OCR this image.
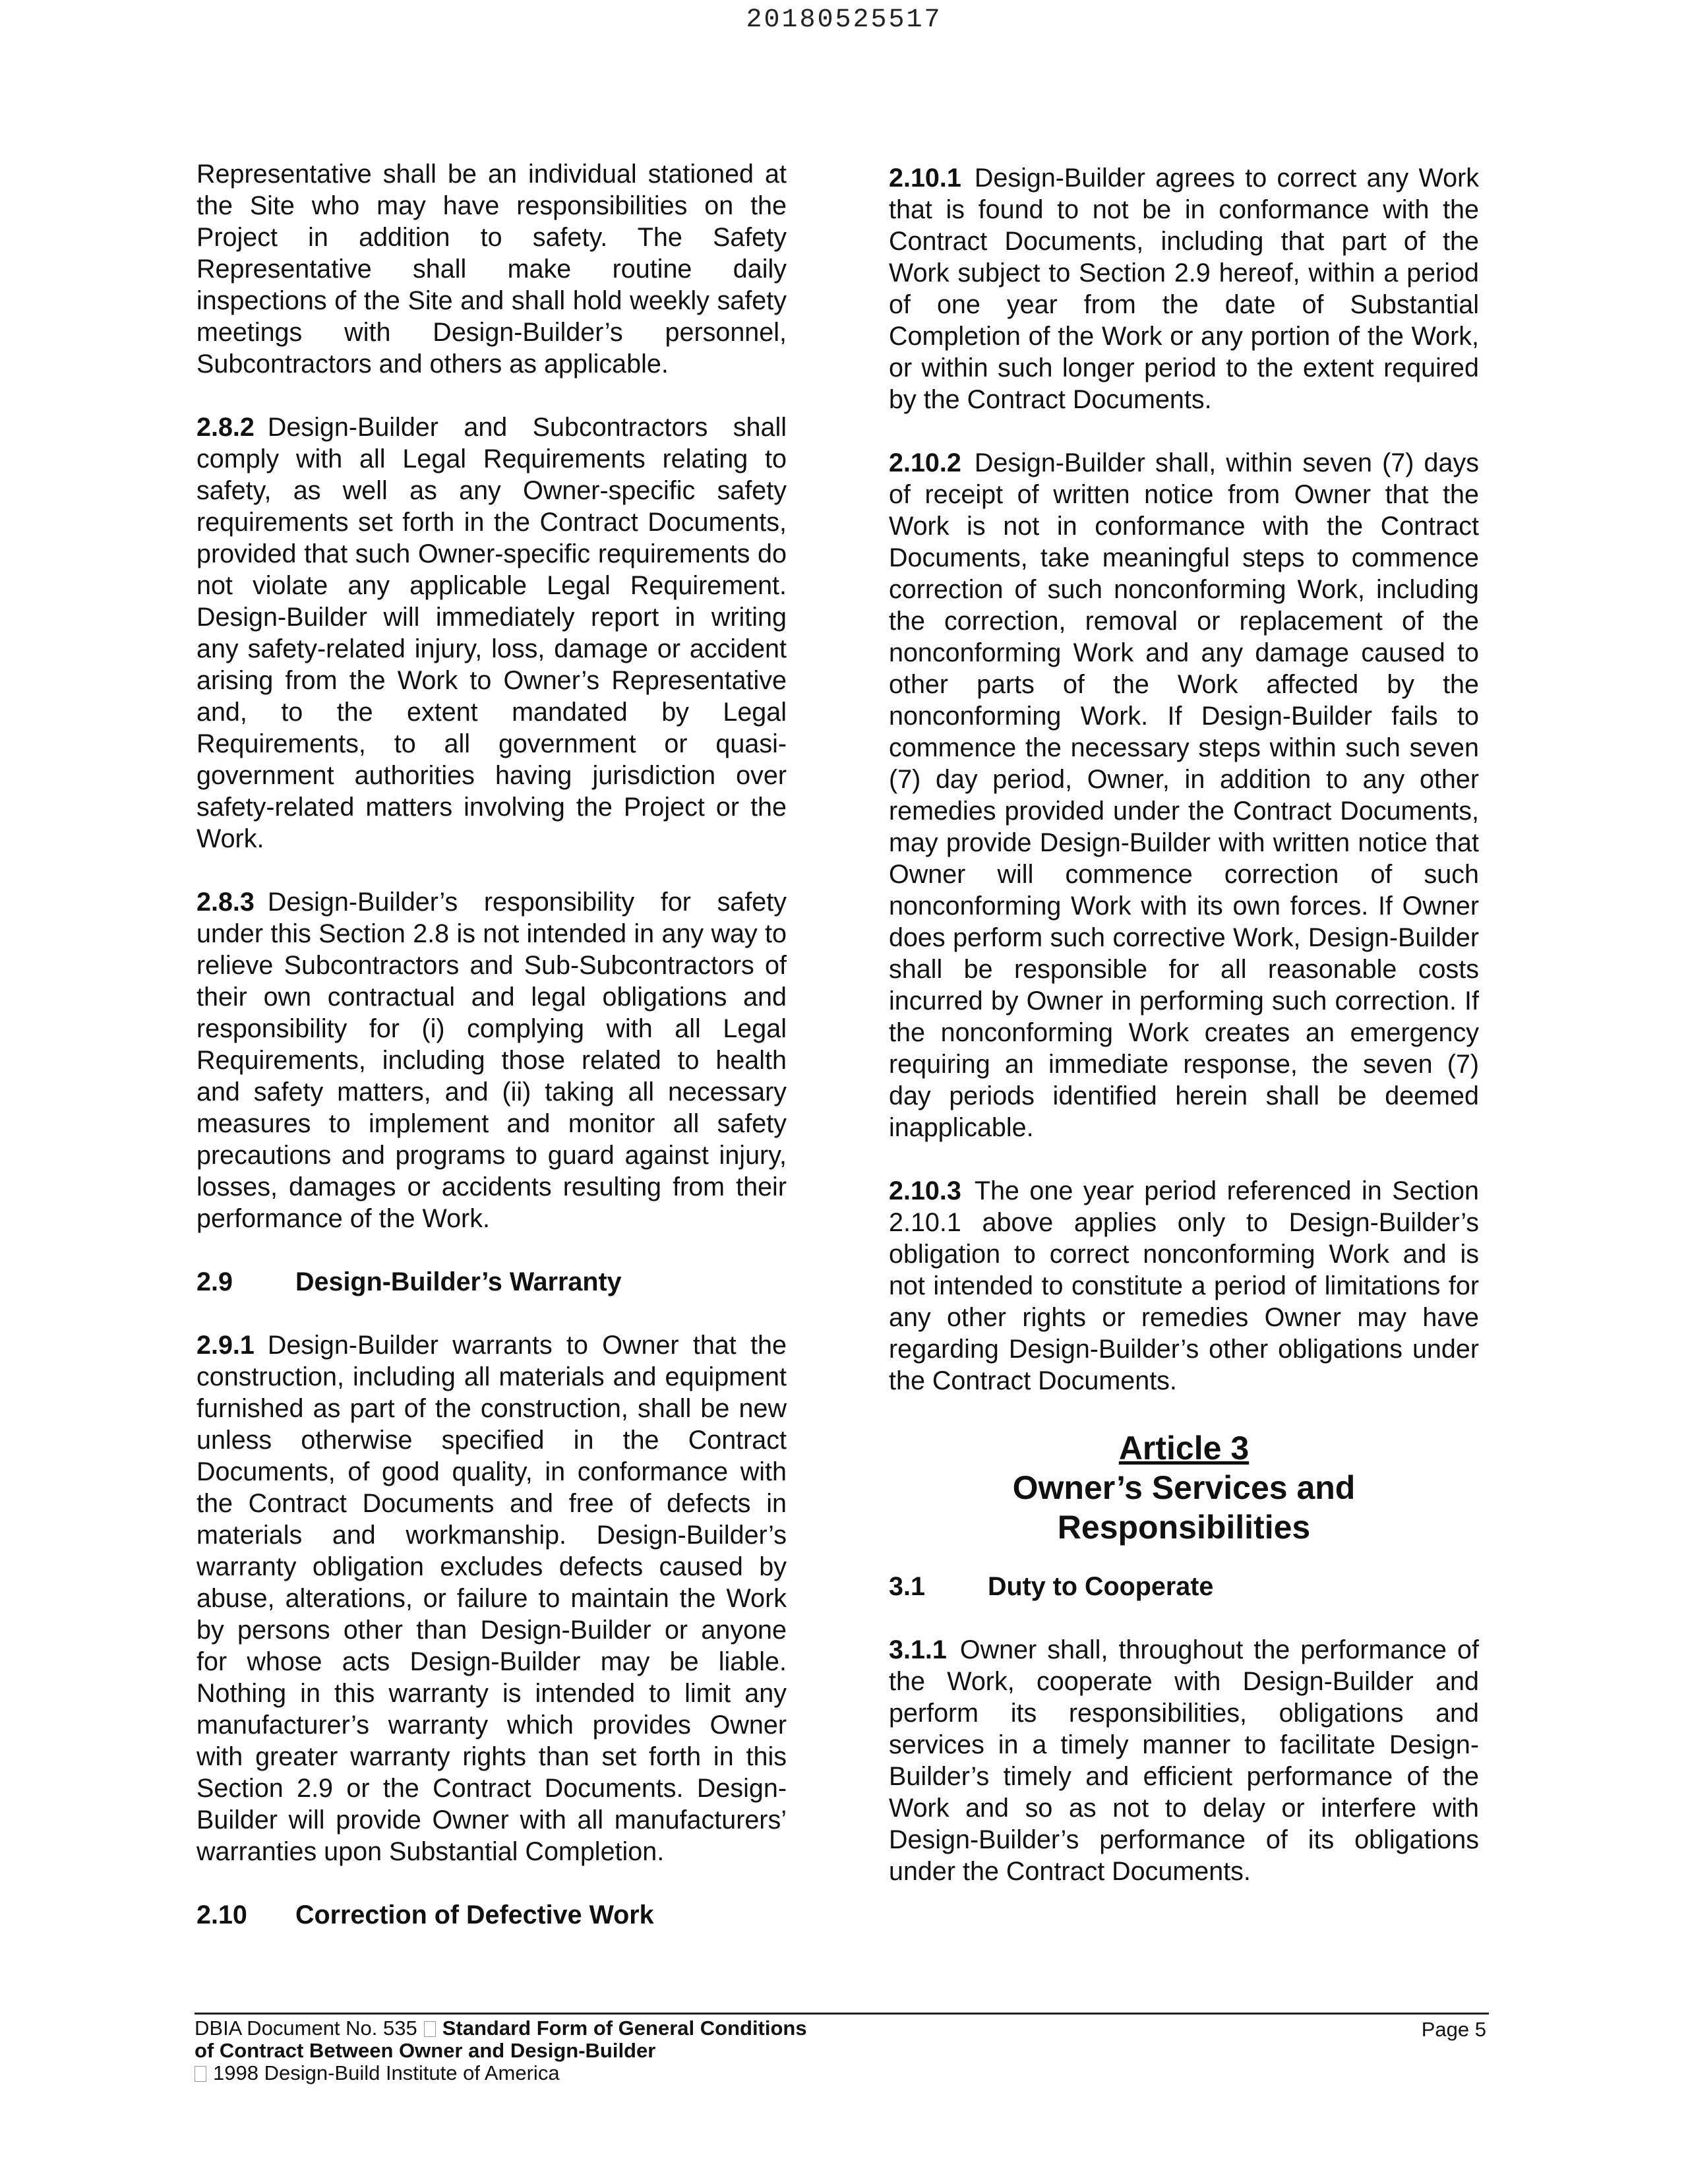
20180525517

Representative shall be an individual stationed at the Site who may have responsibilities on the Project in addition to safety. The Safety Representative shall make routine daily inspections of the Site and shall hold weekly safety meetings with Design-Builder’s personnel, Subcontractors and others as applicable.

2.8.2 Design-Builder and Subcontractors shall comply with all Legal Requirements relating to safety, as well as any Owner-specific safety requirements set forth in the Contract Documents, provided that such Owner-specific requirements do not violate any applicable Legal Requirement. Design-Builder will immediately report in writing any safety-related injury, loss, damage or accident arising from the Work to Owner’s Representative and, to the extent mandated by Legal Requirements, to all government or quasi-government authorities having jurisdiction over safety-related matters involving the Project or the Work.

2.8.3 Design-Builder’s responsibility for safety under this Section 2.8 is not intended in any way to relieve Subcontractors and Sub-Subcontractors of their own contractual and legal obligations and responsibility for (i) complying with all Legal Requirements, including those related to health and safety matters, and (ii) taking all necessary measures to implement and monitor all safety precautions and programs to guard against injury, losses, damages or accidents resulting from their performance of the Work.

2.9	Design-Builder’s Warranty

2.9.1 Design-Builder warrants to Owner that the construction, including all materials and equipment furnished as part of the construction, shall be new unless otherwise specified in the Contract Documents, of good quality, in conformance with the Contract Documents and free of defects in materials and workmanship. Design-Builder’s warranty obligation excludes defects caused by abuse, alterations, or failure to maintain the Work by persons other than Design-Builder or anyone for whose acts Design-Builder may be liable. Nothing in this warranty is intended to limit any manufacturer’s warranty which provides Owner with greater warranty rights than set forth in this Section 2.9 or the Contract Documents. Design-Builder will provide Owner with all manufacturers’ warranties upon Substantial Completion.

2.10	Correction of Defective Work

2.10.1 Design-Builder agrees to correct any Work that is found to not be in conformance with the Contract Documents, including that part of the Work subject to Section 2.9 hereof, within a period of one year from the date of Substantial Completion of the Work or any portion of the Work, or within such longer period to the extent required by the Contract Documents.

2.10.2 Design-Builder shall, within seven (7) days of receipt of written notice from Owner that the Work is not in conformance with the Contract Documents, take meaningful steps to commence correction of such nonconforming Work, including the correction, removal or replacement of the nonconforming Work and any damage caused to other parts of the Work affected by the nonconforming Work. If Design-Builder fails to commence the necessary steps within such seven (7) day period, Owner, in addition to any other remedies provided under the Contract Documents, may provide Design-Builder with written notice that Owner will commence correction of such nonconforming Work with its own forces. If Owner does perform such corrective Work, Design-Builder shall be responsible for all reasonable costs incurred by Owner in performing such correction. If the nonconforming Work creates an emergency requiring an immediate response, the seven (7) day periods identified herein shall be deemed inapplicable.

2.10.3 The one year period referenced in Section 2.10.1 above applies only to Design-Builder’s obligation to correct nonconforming Work and is not intended to constitute a period of limitations for any other rights or remedies Owner may have regarding Design-Builder’s other obligations under the Contract Documents.

Article 3
Owner’s Services and
Responsibilities
3.1	Duty to Cooperate

3.1.1 Owner shall, throughout the performance of the Work, cooperate with Design-Builder and perform its responsibilities, obligations and services in a timely manner to facilitate Design-Builder’s timely and efficient performance of the Work and so as not to delay or interfere with Design-Builder’s performance of its obligations under the Contract Documents.

DBIA Document No. 535 Standard Form of General Conditions
of Contract Between Owner and Design-Builder
1998 Design-Build Institute of America
Page 5
